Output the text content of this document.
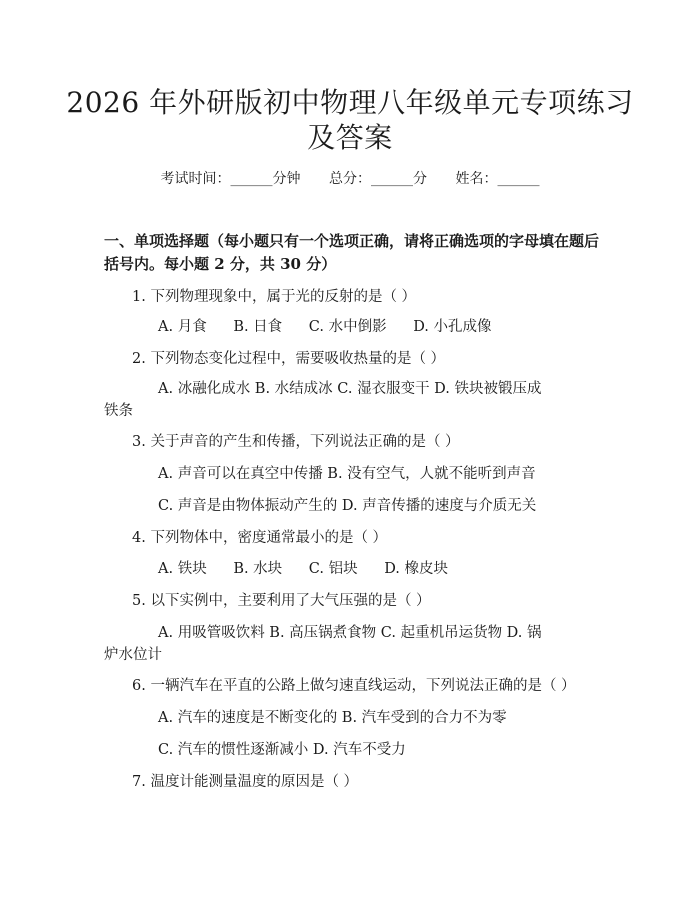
2026 年外研版初中物理八年级单元专项练习
及答案
考试时间：______分钟 总分：______分 姓名：______
一、单项选择题（每小题只有一个选项正确，请将正确选项的字母填在题后括号内。每小题 2 分，共 30 分）
1. 下列物理现象中，属于光的反射的是（ ）
A. 月食 B. 日食 C. 水中倒影 D. 小孔成像
2. 下列物态变化过程中，需要吸收热量的是（ ）
A. 冰融化成水 B. 水结成冰 C. 湿衣服变干 D. 铁块被锻压成
铁条
3. 关于声音的产生和传播，下列说法正确的是（ ）
A. 声音可以在真空中传播 B. 没有空气，人就不能听到声音
C. 声音是由物体振动产生的 D. 声音传播的速度与介质无关
4. 下列物体中，密度通常最小的是（ ）
A. 铁块 B. 水块 C. 铝块 D. 橡皮块
5. 以下实例中，主要利用了大气压强的是（ ）
A. 用吸管吸饮料 B. 高压锅煮食物 C. 起重机吊运货物 D. 锅
炉水位计
6. 一辆汽车在平直的公路上做匀速直线运动，下列说法正确的是（ ）
A. 汽车的速度是不断变化的 B. 汽车受到的合力不为零
C. 汽车的惯性逐渐减小 D. 汽车不受力
7. 温度计能测量温度的原因是（ ）
